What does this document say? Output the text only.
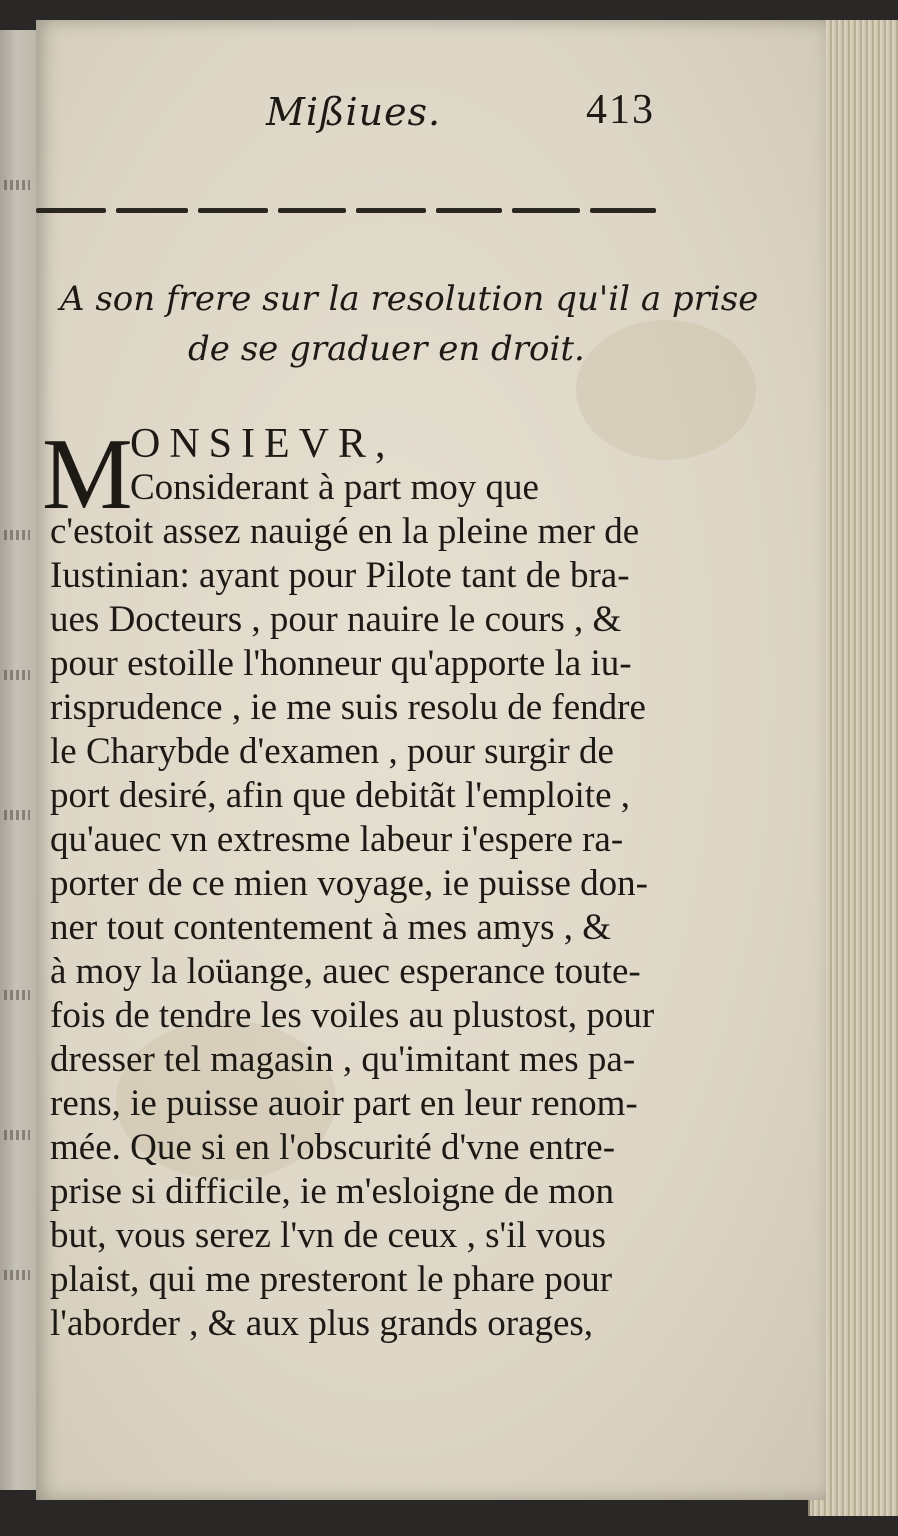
Mißiues.	413
A son frere sur la resolution qu'il a prise
de se graduer en droit.
M
ONSIEVR,
Considerant à part moy que
c'estoit assez nauigé en la pleine mer de
Iustinian: ayant pour Pilote tant de bra-
ues Docteurs , pour nauire le cours , &
pour estoille l'honneur qu'apporte la iu-
risprudence , ie me suis resolu de fendre
le Charybde d'examen , pour surgir de
port desiré, afin que debitãt l'emploite ,
qu'auec vn extresme labeur i'espere ra-
porter de ce mien voyage, ie puisse don-
ner tout contentement à mes amys , &
à moy la loüange, auec esperance toute-
fois de tendre les voiles au plustost, pour
dresser tel magasin , qu'imitant mes pa-
rens, ie puisse auoir part en leur renom-
mée. Que si en l'obscurité d'vne entre-
prise si difficile, ie m'esloigne de mon
but, vous serez l'vn de ceux , s'il vous
plaist, qui me presteront le phare pour
l'aborder , & aux plus grands orages,
